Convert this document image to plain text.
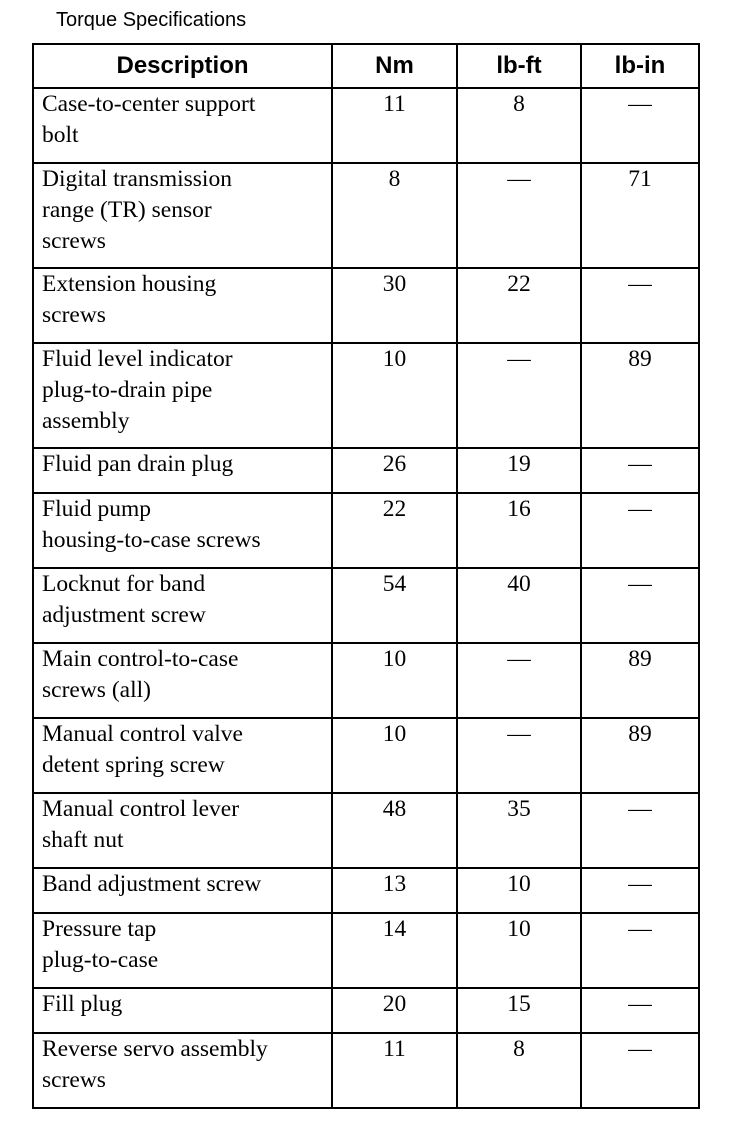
Torque Specifications
Description	Nm	lb-ft	lb-in

Case-to-center support
bolt	11	8	—

Digital transmission
range (TR) sensor
screws	8	—	71

Extension housing
screws	30	22	—

Fluid level indicator
plug-to-drain pipe
assembly	10	—	89

Fluid pan drain plug	26	19	—

Fluid pump
housing-to-case screws	22	16	—

Locknut for band
adjustment screw	54	40	—

Main control-to-case
screws (all)	10	—	89

Manual control valve
detent spring screw	10	—	89

Manual control lever
shaft nut	48	35	—

Band adjustment screw	13	10	—

Pressure tap
plug-to-case	14	10	—

Fill plug	20	15	—

Reverse servo assembly
screws	11	8	—
